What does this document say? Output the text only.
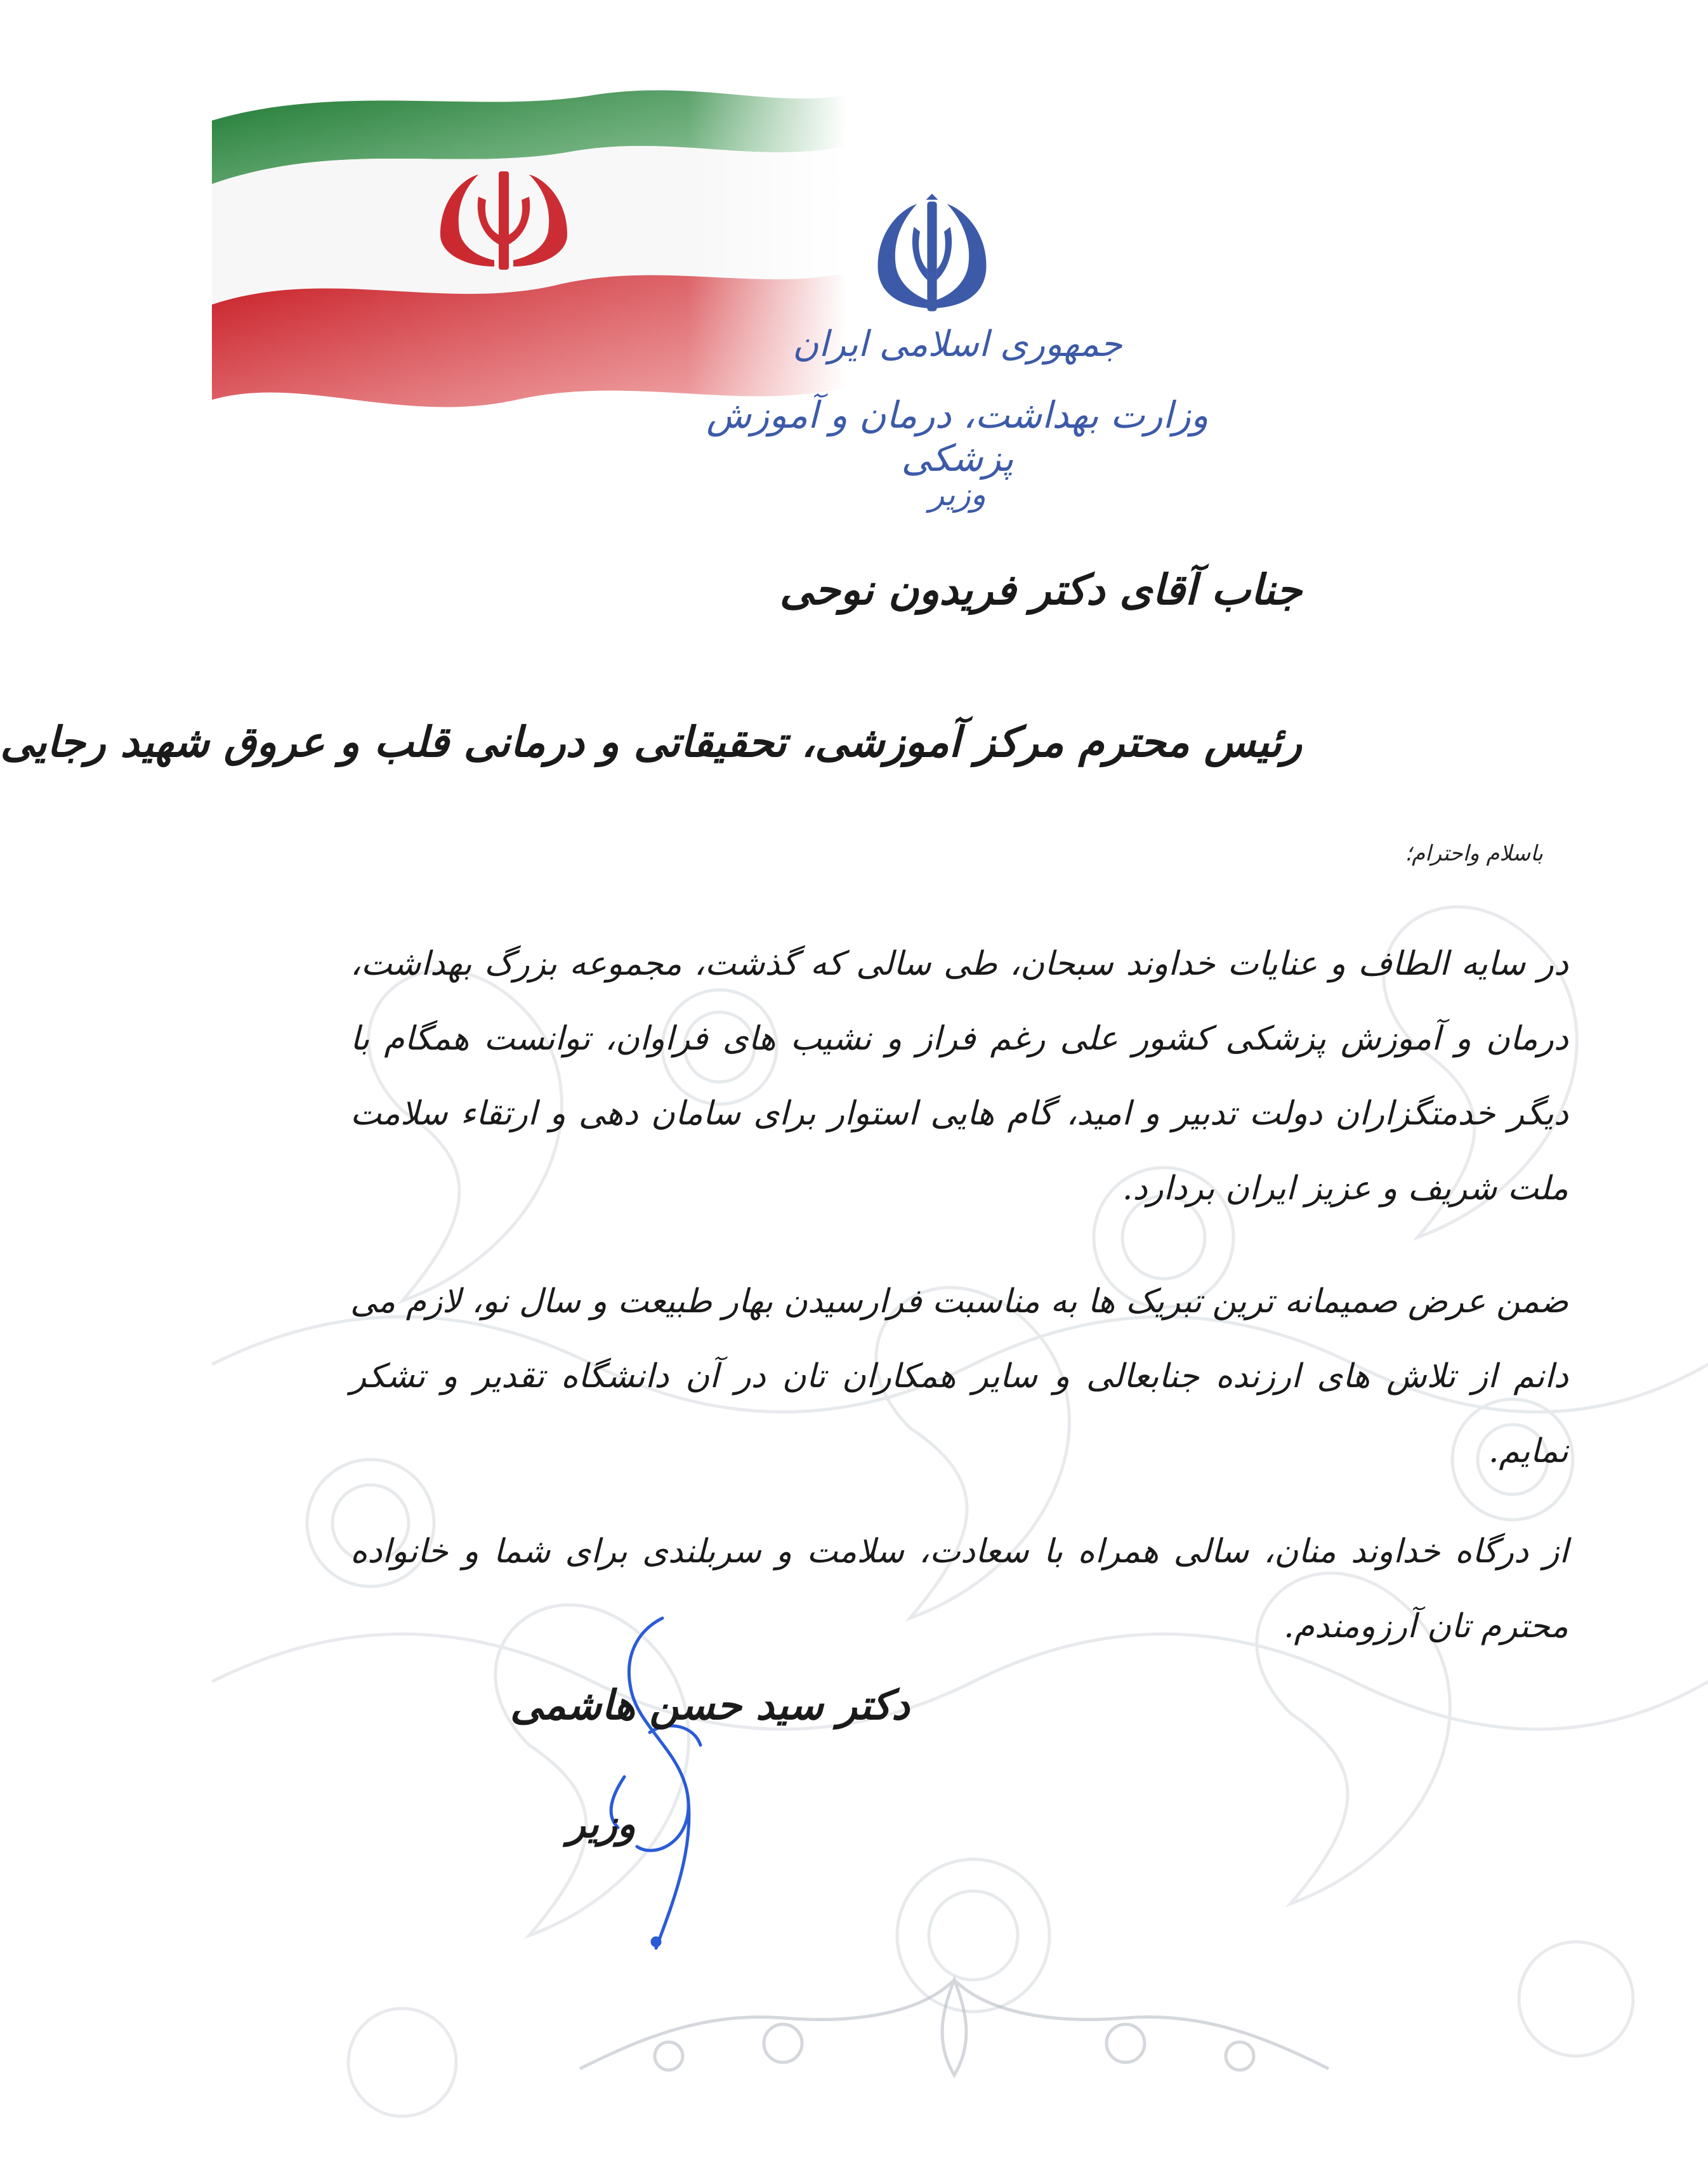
جمهوری اسلامی ایران
وزارت بهداشت، درمان و آموزش پزشکی
وزیر
جناب آقای دکتر فریدون نوحی
رئیس محترم مرکز آموزشی، تحقیقاتی و درمانی قلب و عروق شهید رجایی
باسلام واحترام؛

در سایه الطاف و عنایات خداوند سبحان، طی سالی که گذشت، مجموعه بزرگ بهداشت، درمان و آموزش پزشکی کشور علی رغم فراز و نشیب های فراوان، توانست همگام با دیگر خدمتگزاران دولت تدبیر و امید، گام هایی استوار برای سامان دهی و ارتقاء سلامت ملت شریف و عزیز ایران بردارد.

ضمن عرض صمیمانه ترین تبریک ها به مناسبت فرارسیدن بهار طبیعت و سال نو، لازم می دانم از تلاش های ارزنده جنابعالی و سایر همکاران تان در آن دانشگاه تقدیر و تشکر نمایم.

از درگاه خداوند منان، سالی همراه با سعادت، سلامت و سربلندی برای شما و خانواده محترم تان آرزومندم.

دکتر سید حسن هاشمی
وزیر
